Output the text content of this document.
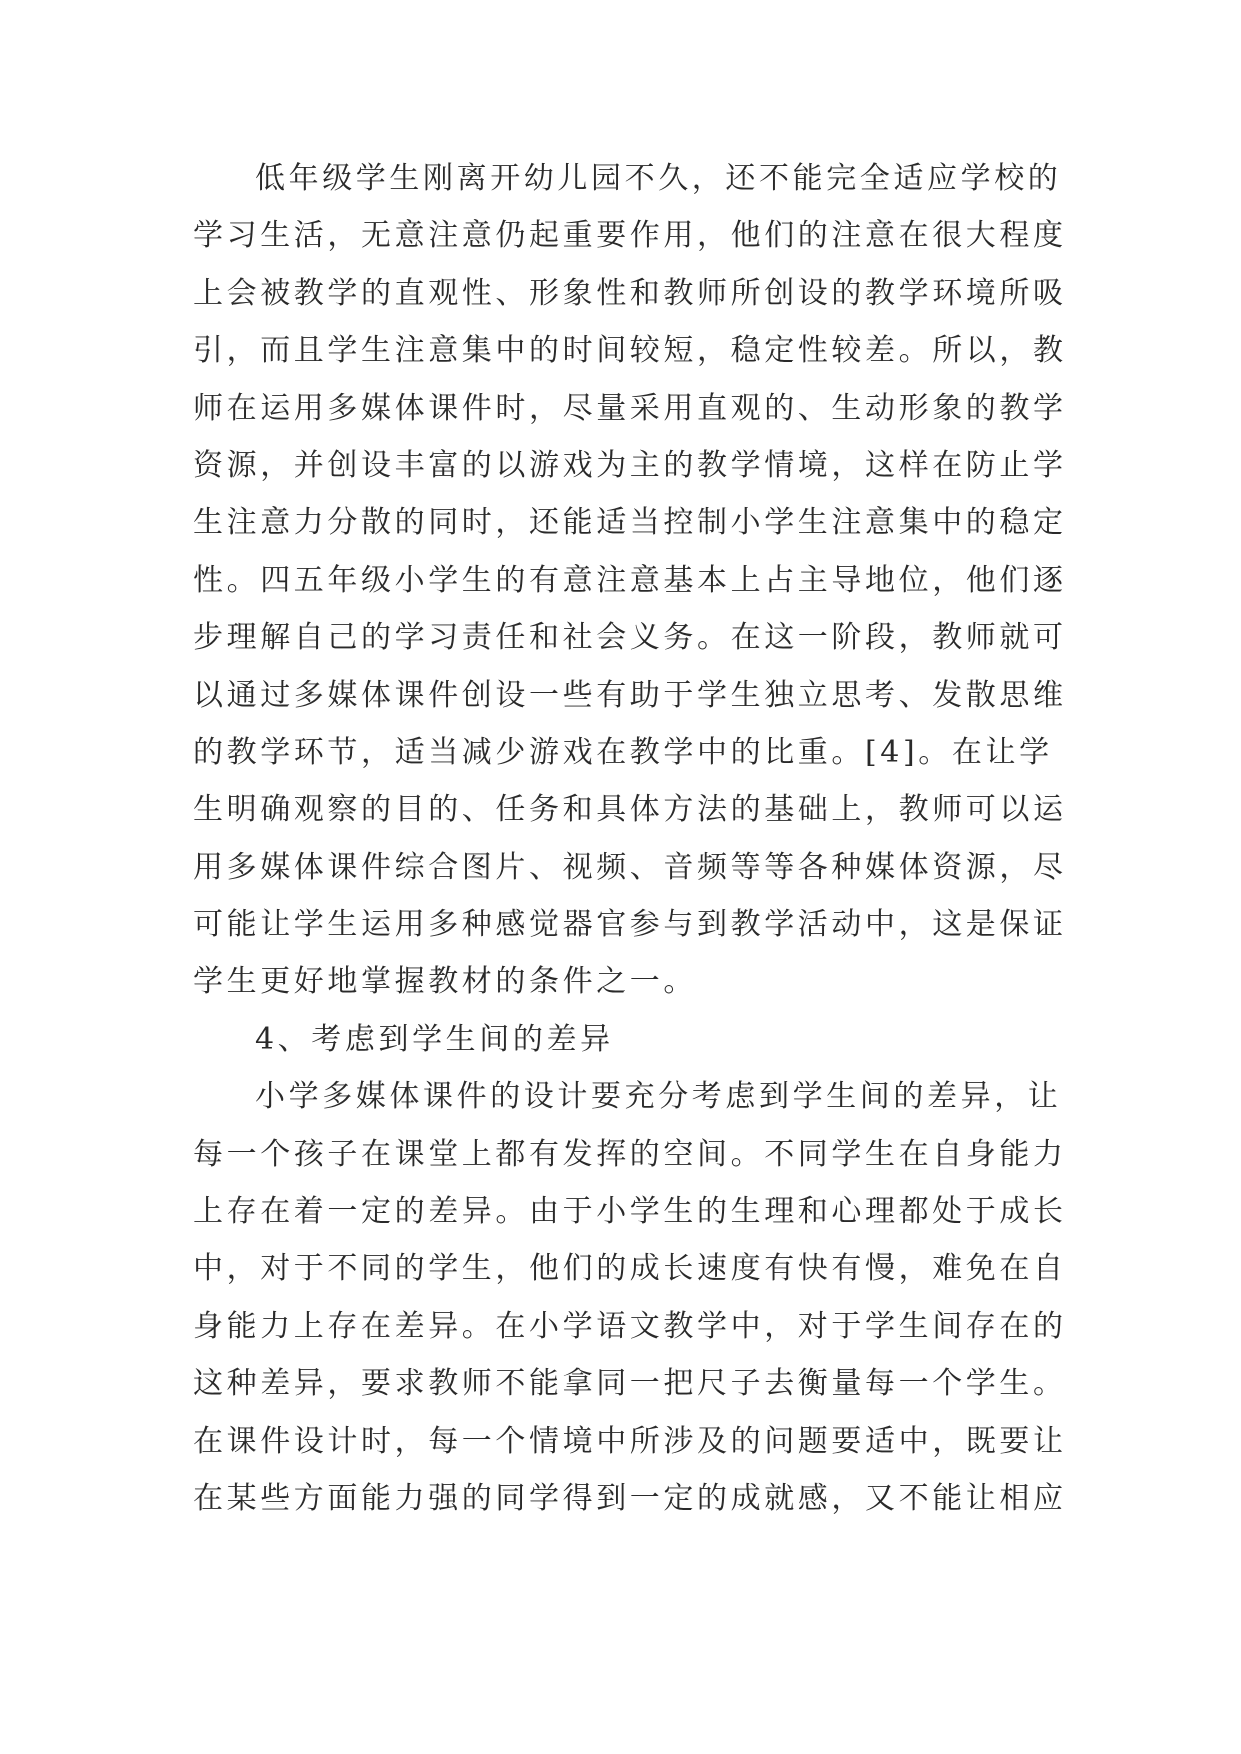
低年级学生刚离开幼儿园不久，还不能完全适应学校的
学习生活，无意注意仍起重要作用，他们的注意在很大程度
上会被教学的直观性、形象性和教师所创设的教学环境所吸
引，而且学生注意集中的时间较短，稳定性较差。所以，教
师在运用多媒体课件时，尽量采用直观的、生动形象的教学
资源，并创设丰富的以游戏为主的教学情境，这样在防止学
生注意力分散的同时，还能适当控制小学生注意集中的稳定
性。四五年级小学生的有意注意基本上占主导地位，他们逐
步理解自己的学习责任和社会义务。在这一阶段，教师就可
以通过多媒体课件创设一些有助于学生独立思考、发散思维
的教学环节，适当减少游戏在教学中的比重。[4]。在让学
生明确观察的目的、任务和具体方法的基础上，教师可以运
用多媒体课件综合图片、视频、音频等等各种媒体资源，尽
可能让学生运用多种感觉器官参与到教学活动中，这是保证
学生更好地掌握教材的条件之一。
4、考虑到学生间的差异
小学多媒体课件的设计要充分考虑到学生间的差异，让
每一个孩子在课堂上都有发挥的空间。不同学生在自身能力
上存在着一定的差异。由于小学生的生理和心理都处于成长
中，对于不同的学生，他们的成长速度有快有慢，难免在自
身能力上存在差异。在小学语文教学中，对于学生间存在的
这种差异，要求教师不能拿同一把尺子去衡量每一个学生。
在课件设计时，每一个情境中所涉及的问题要适中，既要让
在某些方面能力强的同学得到一定的成就感，又不能让相应
